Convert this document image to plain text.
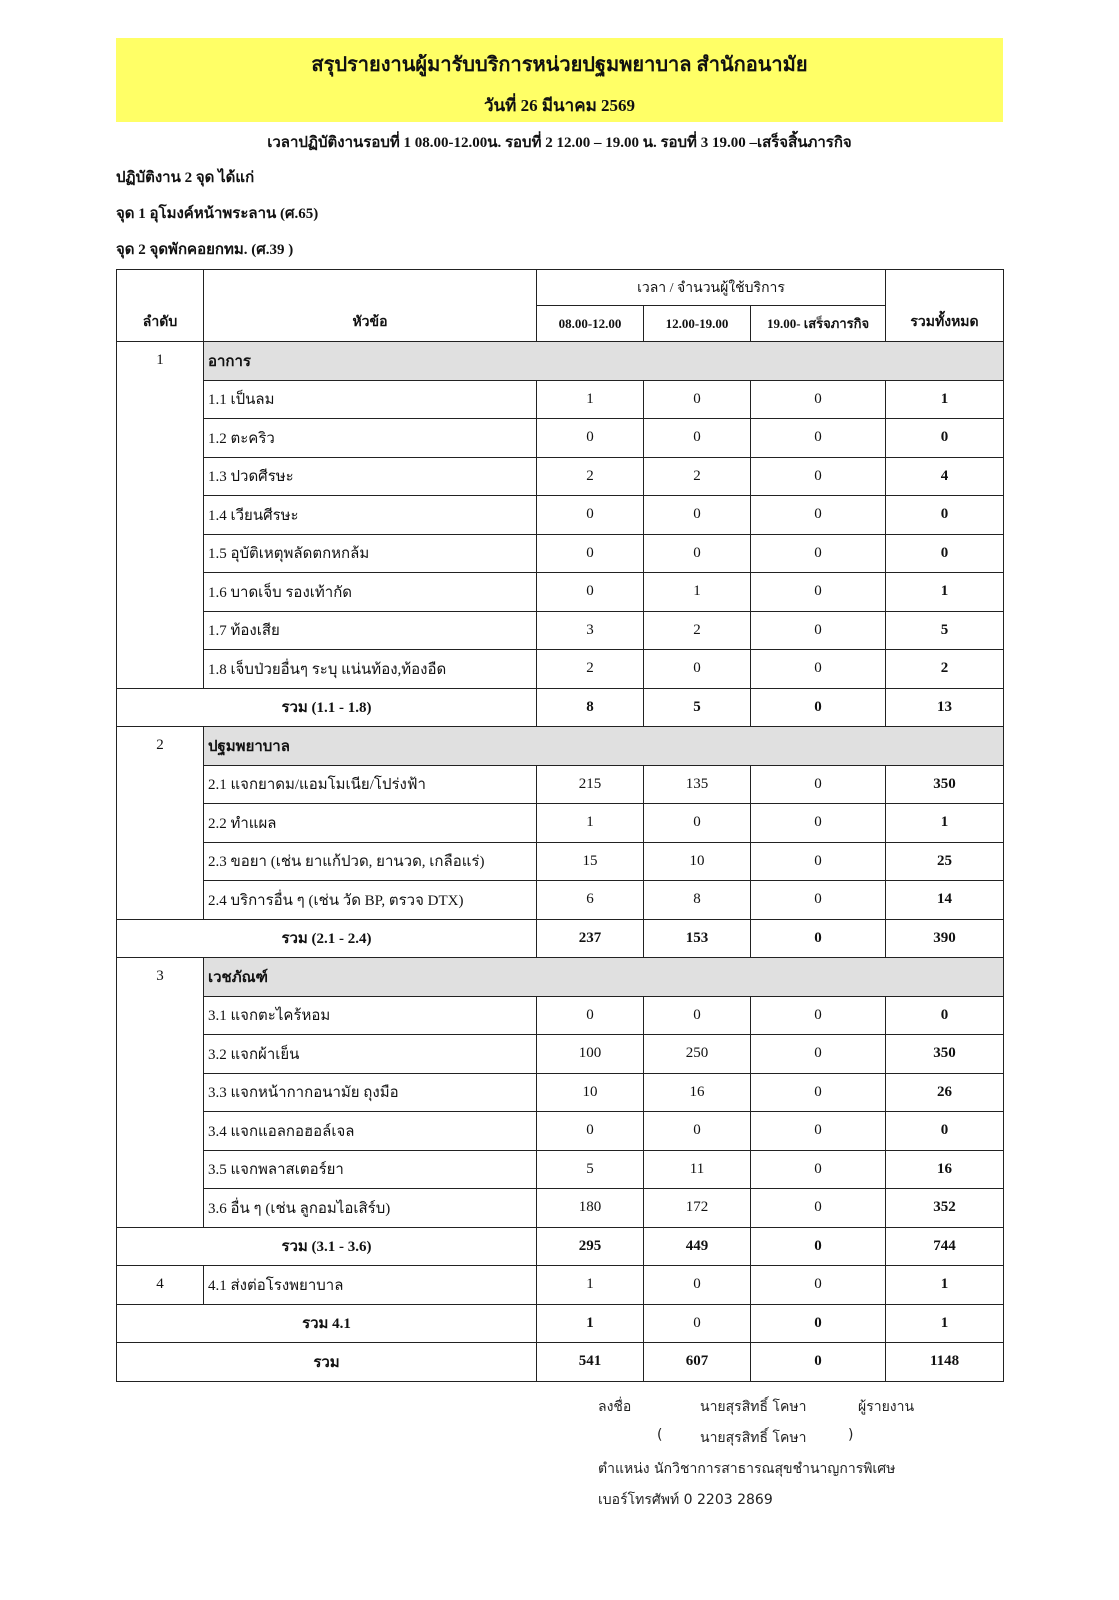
สรุปรายงานผู้มารับบริการหน่วยปฐมพยาบาล สำนักอนามัย
วันที่ 26 มีนาคม 2569
เวลาปฏิบัติงานรอบที่ 1 08.00-12.00น. รอบที่ 2 12.00 – 19.00 น. รอบที่ 3 19.00 –เสร็จสิ้นภารกิจ
ปฏิบัติงาน 2 จุด ได้แก่
จุด 1 อุโมงค์หน้าพระลาน (ศ.65)
จุด 2 จุดพักคอยกทม. (ศ.39 )
ลำดับ	หัวข้อ	เวลา / จำนวนผู้ใช้บริการ			รวมทั้งหมด
		08.00-12.00	12.00-19.00	19.00- เสร็จภารกิจ	
1	อาการ				
	1.1 เป็นลม	1	0	0	1
	1.2 ตะคริว	0	0	0	0
	1.3 ปวดศีรษะ	2	2	0	4
	1.4 เวียนศีรษะ	0	0	0	0
	1.5 อุบัติเหตุพลัดตกหกล้ม	0	0	0	0
	1.6 บาดเจ็บ รองเท้ากัด	0	1	0	1
	1.7 ท้องเสีย	3	2	0	5
	1.8 เจ็บป่วยอื่นๆ ระบุ แน่นท้อง,ท้องอืด	2	0	0	2
รวม (1.1 - 1.8)		8	5	0	13
2	ปฐมพยาบาล				
	2.1 แจกยาดม/แอมโมเนีย/โปร่งฟ้า	215	135	0	350
	2.2 ทำแผล	1	0	0	1
	2.3 ขอยา (เช่น ยาแก้ปวด, ยานวด, เกลือแร่)	15	10	0	25
	2.4 บริการอื่น ๆ (เช่น วัด BP, ตรวจ DTX)	6	8	0	14
รวม (2.1 - 2.4)		237	153	0	390
3	เวชภัณฑ์				
	3.1 แจกตะไคร้หอม	0	0	0	0
	3.2 แจกผ้าเย็น	100	250	0	350
	3.3 แจกหน้ากากอนามัย ถุงมือ	10	16	0	26
	3.4 แจกแอลกอฮอล์เจล	0	0	0	0
	3.5 แจกพลาสเตอร์ยา	5	11	0	16
	3.6 อื่น ๆ (เช่น ลูกอมไอเสิร์บ)	180	172	0	352
รวม (3.1 - 3.6)		295	449	0	744
4	4.1 ส่งต่อโรงพยาบาล	1	0	0	1
รวม 4.1		1	0	0	1
รวม		541	607	0	1148
ลงชื่อ	นายสุรสิทธิ์ โคษา	ผู้รายงาน
(	นายสุรสิทธิ์ โคษา	)
ตำแหน่ง นักวิชาการสาธารณสุขชำนาญการพิเศษ
เบอร์โทรศัพท์ 0 2203 2869
